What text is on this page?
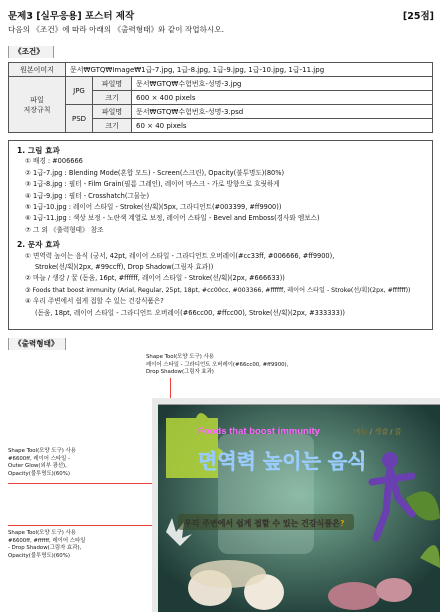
문제3 [실무응용] 포스터 제작	[25점]
다음의 《조건》에 따라 아래의 《출력형태》와 같이 작업하시오.
《조건》
원본이미지	문서₩GTQ₩Image₩1급-7.jpg, 1급-8.jpg, 1급-9.jpg, 1급-10.jpg, 1급-11.jpg		
파일
저장규칙	JPG	파일명	문서₩GTQ₩수험번호-성명-3.jpg
		크기	600 × 400 pixels
	PSD	파일명	문서₩GTQ₩수험번호-성명-3.psd
		크기	60 × 40 pixels
1. 그림 효과
① 배경 : #006666
② 1급-7.jpg : Blending Mode(혼합 모드) - Screen(스크린), Opacity(불투명도)(80%)
③ 1급-8.jpg : 필터 - Film Grain(필름 그레인), 레이어 마스크 - 가로 방향으로 흐릿하게
④ 1급-9.jpg : 필터 - Crosshatch(그물눈)
⑤ 1급-10.jpg : 레이어 스타일 - Stroke(선/획)(5px, 그라디언트(#003399, #ff9900))
⑥ 1급-11.jpg : 색상 보정 - 노란색 계열로 보정, 레이어 스타일 - Bevel and Emboss(경사와 엠보스)
⑦ 그 외 《출력형태》 참조
2. 문자 효과
① 면역력 높이는 음식 (궁서, 42pt, 레이어 스타일 - 그라디언트 오버레이(#cc33ff, #006666, #ff9900),
Stroke(선/획)(2px, #99ccff), Drop Shadow(그림자 효과))
② 마늘 / 생강 / 꿀 (돋움, 16pt, #ffffff, 레이어 스타일 - Stroke(선/획)(2px, #666633))
③ Foods that boost immunity (Arial, Regular, 25pt, 18pt, #cc00cc, #003366, #ffffff, 레이어 스타일 - Stroke(선/획)(2px, #ffffff))
④ 우리 주변에서 쉽게 접할 수 있는 건강식품은?
(돋움, 18pt, 레이어 스타일 - 그라디언트 오버레이(#66cc00, #ffcc00), Stroke(선/획)(2px, #333333))
《출력형태》
Shape Tool(모양 도구) 사용
레이어 스타일 - 그라디언트 오버레이(#66cc00, #ff9900),
Drop Shadow(그림자 효과)
Shape Tool(모양 도구) 사용
#6600ff, 레이어 스타일 -
Outer Glow(외부 광선),
Opacity(불투명도)(60%)
Shape Tool(모양 도구) 사용
#6600ff, #ffffff, 레이어 스타일
- Drop Shadow(그림자 효과),
Opacity(불투명도)(60%)
마늘 / 생강 / 꿀
Foods that boost immunity
면역력 높이는 음식
우리 주변에서 쉽게 접할 수 있는 건강식품은?
